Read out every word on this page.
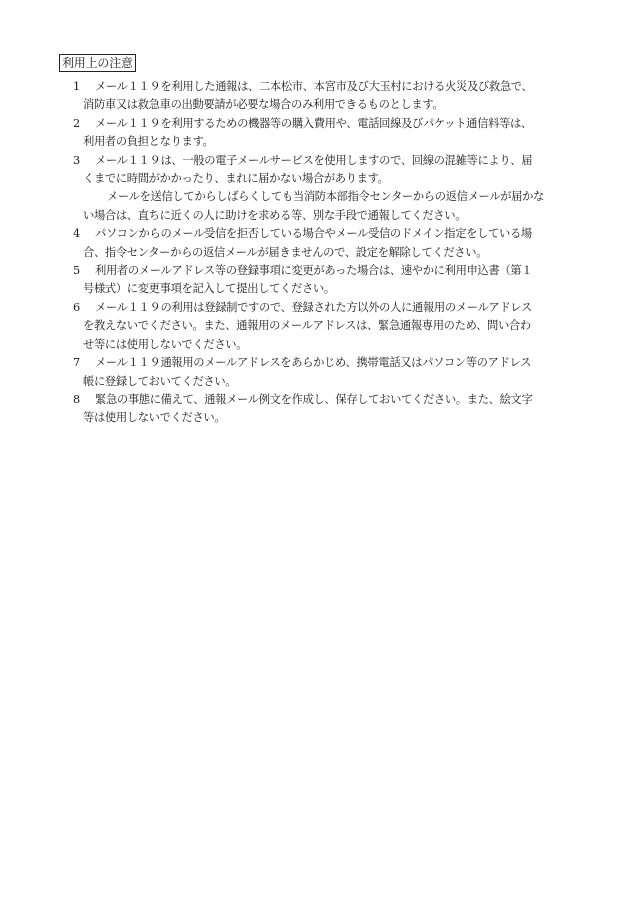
利用上の注意
1	メール１１９を利用した通報は、二本松市、本宮市及び大玉村における火災及び救急で、
消防車又は救急車の出動要請が必要な場合のみ利用できるものとします。
2	メール１１９を利用するための機器等の購入費用や、電話回線及びパケット通信料等は、
利用者の負担となります。
3	メール１１９は、一般の電子メールサービスを使用しますので、回線の混雑等により、届
くまでに時間がかかったり、まれに届かない場合があります。
メールを送信してからしばらくしても当消防本部指令センターからの返信メールが届かな
い場合は、直ちに近くの人に助けを求める等、別な手段で通報してください。
4	パソコンからのメール受信を拒否している場合やメール受信のドメイン指定をしている場
合、指令センターからの返信メールが届きませんので、設定を解除してください。
5	利用者のメールアドレス等の登録事項に変更があった場合は、速やかに利用申込書（第１
号様式）に変更事項を記入して提出してください。
6	メール１１９の利用は登録制ですので、登録された方以外の人に通報用のメールアドレス
を教えないでください。また、通報用のメールアドレスは、緊急通報専用のため、問い合わ
せ等には使用しないでください。
7	メール１１９通報用のメールアドレスをあらかじめ、携帯電話又はパソコン等のアドレス
帳に登録しておいてください。
8	緊急の事態に備えて、通報メール例文を作成し、保存しておいてください。また、絵文字
等は使用しないでください。
